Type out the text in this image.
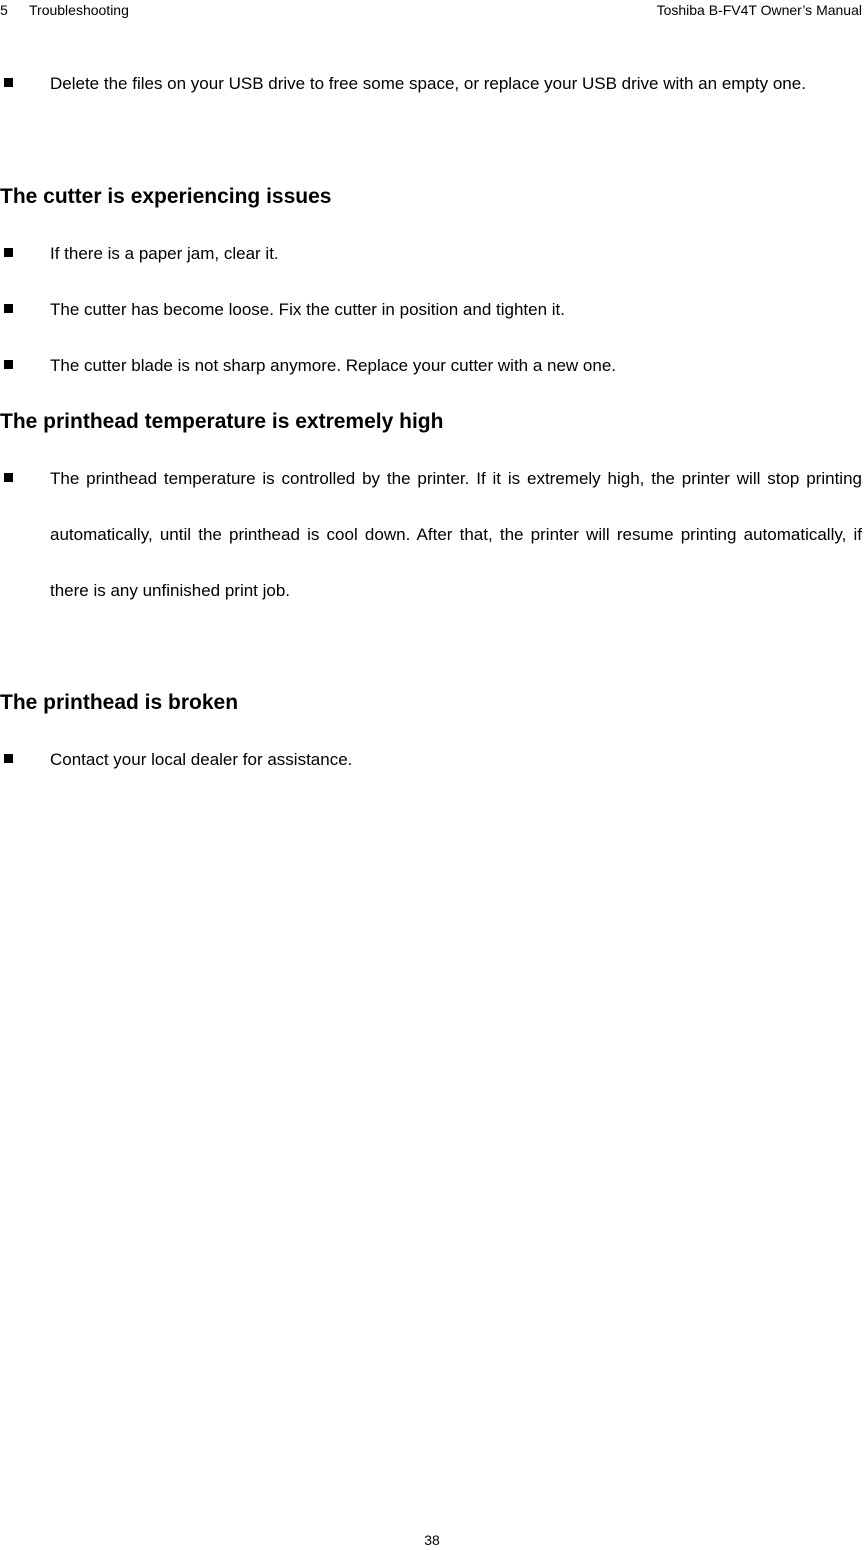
5 Troubleshooting	Toshiba B-FV4T Owner’s Manual
Delete the files on your USB drive to free some space, or replace your USB drive with an empty one.
The cutter is experiencing issues
If there is a paper jam, clear it.
The cutter has become loose. Fix the cutter in position and tighten it.
The cutter blade is not sharp anymore. Replace your cutter with a new one.
The printhead temperature is extremely high
The printhead temperature is controlled by the printer. If it is extremely high, the printer will stop printing automatically, until the printhead is cool down. After that, the printer will resume printing automatically, if there is any unfinished print job.
The printhead is broken
Contact your local dealer for assistance.
38
